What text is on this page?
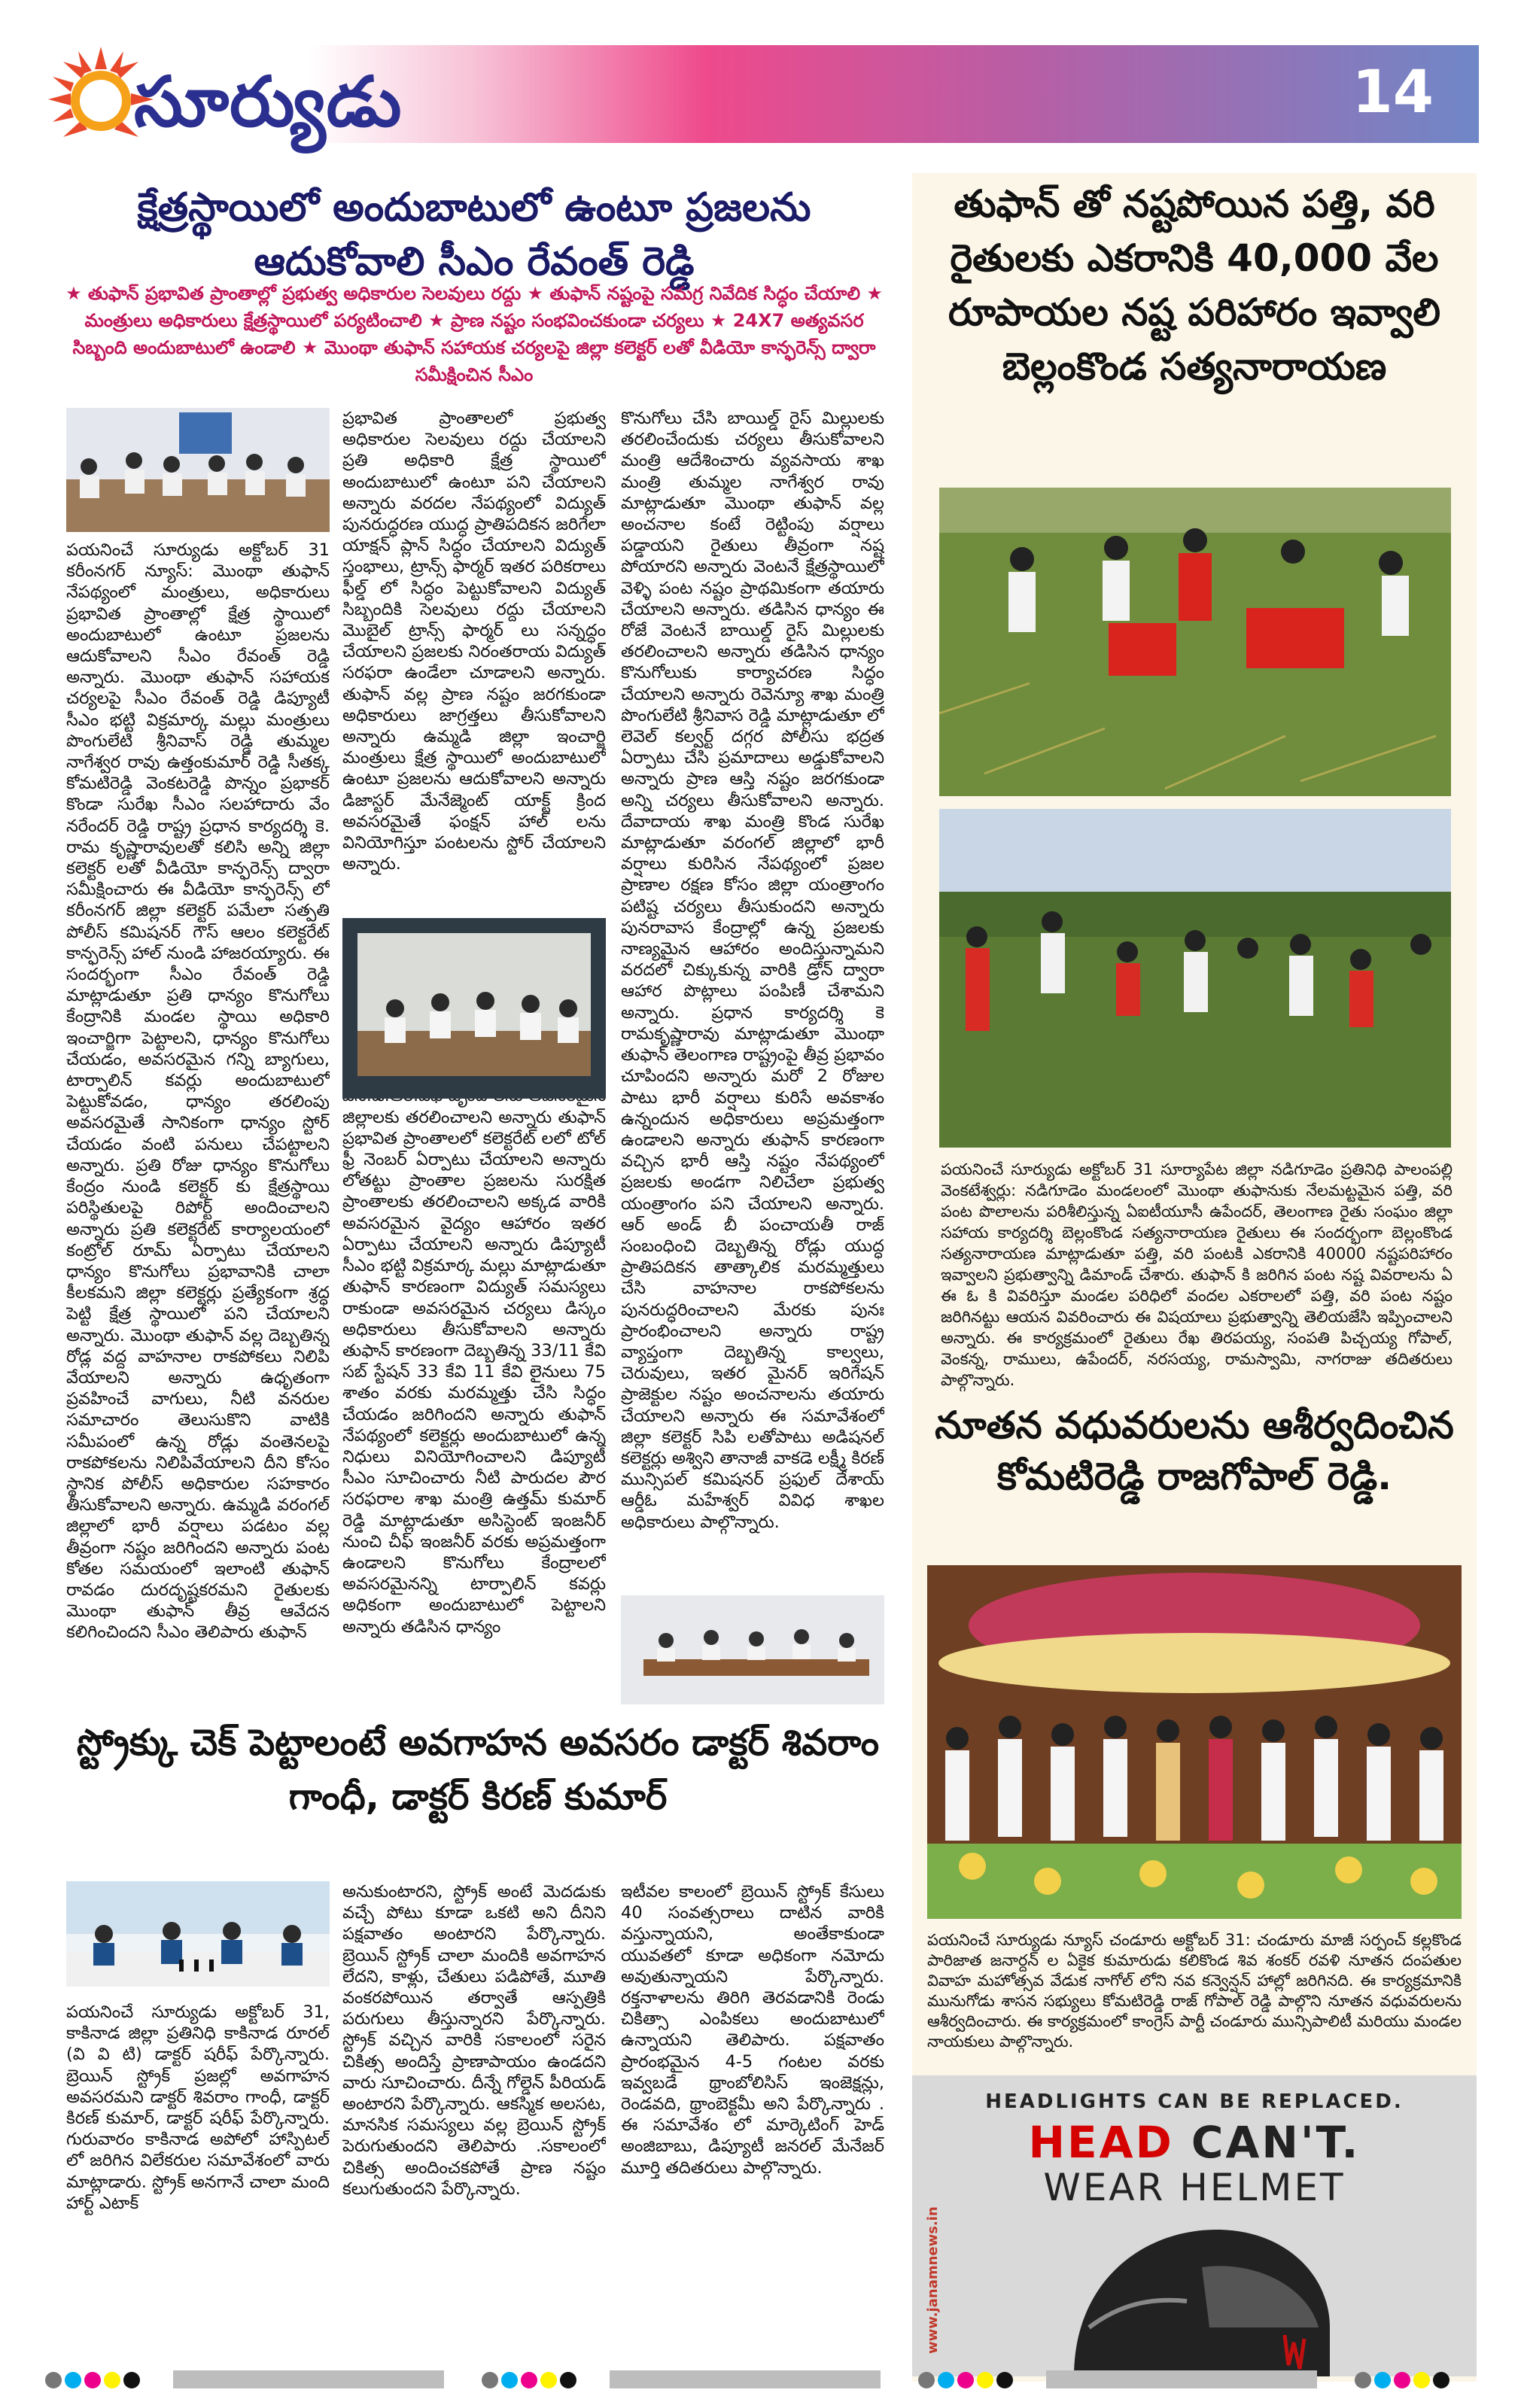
14
సూర్యుడు
క్షేత్రస్థాయిలో అందుబాటులో ఉంటూ ప్రజలను ఆదుకోవాలి సీఎం రేవంత్ రెడ్డి
★ తుఫాన్ ప్రభావిత ప్రాంతాల్లో ప్రభుత్వ అధికారుల సెలవులు రద్దు ★ తుఫాన్ నష్టంపై సమగ్ర నివేదిక సిద్ధం చేయాలి ★ మంత్రులు అధికారులు క్షేత్రస్థాయిలో పర్యటించాలి ★ ప్రాణ నష్టం సంభవించకుండా చర్యలు ★ 24X7 అత్యవసర సిబ్బంది అందుబాటులో ఉండాలి ★ మొంథా తుఫాన్ సహాయక చర్యలపై జిల్లా కలెక్టర్ లతో వీడియో కాన్ఫరెన్స్ ద్వారా సమీక్షించిన సీఎం
పయనించే సూర్యుడు అక్టోబర్ 31 కరీంనగర్ న్యూస్: మొంథా తుఫాన్ నేపథ్యంలో మంత్రులు, అధికారులు ప్రభావిత ప్రాంతాల్లో క్షేత్ర స్థాయిలో అందుబాటులో ఉంటూ ప్రజలను ఆదుకోవాలని సీఎం రేవంత్ రెడ్డి అన్నారు. మొంథా తుఫాన్ సహాయక చర్యలపై సీఎం రేవంత్ రెడ్డి డిప్యూటీ సీఎం భట్టి విక్రమార్క మల్లు మంత్రులు పొంగులేటి శ్రీనివాస్ రెడ్డి తుమ్మల నాగేశ్వర రావు ఉత్తంకుమార్ రెడ్డి సీతక్క కోమటిరెడ్డి వెంకటరెడ్డి పొన్నం ప్రభాకర్ కొండా సురేఖ సీఎం సలహాదారు వేం నరేందర్ రెడ్డి రాష్ట్ర ప్రధాన కార్యదర్శి కె. రామ కృష్ణారావులతో కలిసి అన్ని జిల్లా కలెక్టర్ లతో వీడియో కాన్ఫరెన్స్ ద్వారా సమీక్షించారు ఈ వీడియో కాన్ఫరెన్స్ లో కరీంనగర్ జిల్లా కలెక్టర్ పమేలా సత్పతి పోలీస్ కమిషనర్ గౌస్ ఆలం కలెక్టరేట్ కాన్ఫరెన్స్ హాల్ నుండి హాజరయ్యారు. ఈ సందర్భంగా సీఎం రేవంత్ రెడ్డి మాట్లాడుతూ ప్రతి ధాన్యం కొనుగోలు కేంద్రానికి మండల స్థాయి అధికారి ఇంచార్జిగా పెట్టాలని, ధాన్యం కొనుగోలు చేయడం, అవసరమైన గన్ని బ్యాగులు, టార్పాలిన్ కవర్లు అందుబాటులో పెట్టుకోవడం, ధాన్యం తరలింపు అవసరమైతే సానికంగా ధాన్యం స్టోర్ చేయడం వంటి పనులు చేపట్టాలని అన్నారు. ప్రతి రోజు ధాన్యం కొనుగోలు కేంద్రం నుండి కలెక్టర్ కు క్షేత్రస్థాయి పరిస్థితులపై రిపోర్ట్ అందించాలని అన్నారు ప్రతి కలెక్టరేట్ కార్యాలయంలో కంట్రోల్ రూమ్ ఏర్పాటు చేయాలని ధాన్యం కొనుగోలు ప్రభావానికి చాలా కీలకమని జిల్లా కలెక్టర్లు ప్రత్యేకంగా శ్రద్ధ పెట్టి క్షేత్ర స్థాయిలో పని చేయాలని అన్నారు. మొంథా తుఫాన్ వల్ల దెబ్బతిన్న రోడ్ల వద్ద వాహనాల రాకపోకలు నిలిపి వేయాలని అన్నారు ఉధృతంగా ప్రవహించే వాగులు, నీటి వనరుల సమాచారం తెలుసుకొని వాటికి సమీపంలో ఉన్న రోడ్లు వంతెనలపై రాకపోకలను నిలిపివేయాలని దీని కోసం స్థానిక పోలీస్ అధికారుల సహకారం తీసుకోవాలని అన్నారు. ఉమ్మడి వరంగల్ జిల్లాలో భారీ వర్షాలు పడటం వల్ల తీవ్రంగా నష్టం జరిగిందని అన్నారు పంట కోతల సమయంలో ఇలాంటి తుఫాన్ రావడం దురదృష్టకరమని రైతులకు మొంథా తుఫాన్ తీవ్ర ఆవేదన కలిగించిందని సీఎం తెలిపారు తుఫాన్
ప్రభావిత ప్రాంతాలలో ప్రభుత్వ అధికారుల సెలవులు రద్దు చేయాలని ప్రతి అధికారి క్షేత్ర స్థాయిలో అందుబాటులో ఉంటూ పని చేయాలని అన్నారు వరదల నేపథ్యంలో విద్యుత్ పునరుద్ధరణ యుద్ధ ప్రాతిపదికన జరిగేలా యాక్షన్ ప్లాన్ సిద్ధం చేయాలని విద్యుత్ స్తంభాలు, ట్రాన్స్ ఫార్మర్ ఇతర పరికరాలు ఫీల్డ్ లో సిద్ధం పెట్టుకోవాలని విద్యుత్ సిబ్బందికి సెలవులు రద్దు చేయాలని మొబైల్ ట్రాన్స్ ఫార్మర్ లు సన్నద్ధం చేయాలని ప్రజలకు నిరంతరాయ విద్యుత్ సరఫరా ఉండేలా చూడాలని అన్నారు. తుఫాన్ వల్ల ప్రాణ నష్టం జరగకుండా అధికారులు జాగ్రత్తలు తీసుకోవాలని అన్నారు ఉమ్మడి జిల్లా ఇంచార్జి మంత్రులు క్షేత్ర స్థాయిలో అందుబాటులో ఉంటూ ప్రజలను ఆదుకోవాలని అన్నారు డిజాస్టర్ మేనేజ్మెంట్ యాక్ట్ క్రింద అవసరమైతే ఫంక్షన్ హాల్ లను వినియోగిస్తూ పంటలను స్టోర్ చేయాలని అన్నారు.
జిల్లాలకు తరలించాలని అన్నారు తుఫాన్ ప్రభావిత ప్రాంతాలలో కలెక్టరేట్ లలో టోల్ ఫ్రీ నెంబర్ ఏర్పాటు చేయాలని అన్నారు లోతట్టు ప్రాంతాల ప్రజలను సురక్షిత ప్రాంతాలకు తరలించాలని అక్కడ వారికి అవసరమైన వైద్యం ఆహారం ఇతర ఏర్పాటు చేయాలని అన్నారు డిప్యూటీ సీఎం భట్టి విక్రమార్క మల్లు మాట్లాడుతూ తుఫాన్ కారణంగా విద్యుత్ సమస్యలు రాకుండా అవసరమైన చర్యలు డిస్కం అధికారులు తీసుకోవాలని అన్నారు తుఫాన్ కారణంగా దెబ్బతిన్న 33/11 కేవి సబ్ స్టేషన్ 33 కేవి 11 కేవి లైనులు 75 శాతం వరకు మరమ్మత్తు చేసి సిద్ధం చేయడం జరిగిందని అన్నారు తుఫాన్ నేపథ్యంలో కలెక్టర్లు అందుబాటులో ఉన్న నిధులు వినియోగించాలని డిప్యూటీ సీఎం సూచించారు నీటి పారుదల పౌర సరఫరాల శాఖ మంత్రి ఉత్తమ్ కుమార్ రెడ్డి మాట్లాడుతూ అసిస్టెంట్ ఇంజనీర్ నుంచి చీఫ్ ఇంజనీర్ వరకు అప్రమత్తంగా ఉండాలని కొనుగోలు కేంద్రాలలో అవసరమైనన్ని టార్పాలిన్ కవర్లు అధికంగా అందుబాటులో పెట్టాలని అన్నారు తడిసిన ధాన్యం
కొనుగోలు చేసి బాయిల్డ్ రైస్ మిల్లులకు తరలించేందుకు చర్యలు తీసుకోవాలని మంత్రి ఆదేశించారు వ్యవసాయ శాఖ మంత్రి తుమ్మల నాగేశ్వర రావు మాట్లాడుతూ మొంథా తుఫాన్ వల్ల అంచనాల కంటే రెట్టింపు వర్షాలు పడ్డాయని రైతులు తీవ్రంగా నష్ట పోయారని అన్నారు వెంటనే క్షేత్రస్థాయిలో వెళ్ళి పంట నష్టం ప్రాథమికంగా తయారు చేయాలని అన్నారు. తడిసిన ధాన్యం ఈ రోజే వెంటనే బాయిల్డ్ రైస్ మిల్లులకు తరలించాలని అన్నారు తడిసిన ధాన్యం కొనుగోలుకు కార్యాచరణ సిద్ధం చేయాలని అన్నారు రెవెన్యూ శాఖ మంత్రి పొంగులేటి శ్రీనివాస రెడ్డి మాట్లాడుతూ లో లెవెల్ కల్వర్ట్ దగ్గర పోలీసు భద్రత ఏర్పాటు చేసి ప్రమాదాలు అడ్డుకోవాలని అన్నారు ప్రాణ ఆస్తి నష్టం జరగకుండా అన్ని చర్యలు తీసుకోవాలని అన్నారు. దేవాదాయ శాఖ మంత్రి కొండ సురేఖ మాట్లాడుతూ వరంగల్ జిల్లాలో భారీ వర్షాలు కురిసిన నేపథ్యంలో ప్రజల ప్రాణాల రక్షణ కోసం జిల్లా యంత్రాంగం పటిష్ట చర్యలు తీసుకుందని అన్నారు పునరావాస కేంద్రాల్లో ఉన్న ప్రజలకు నాణ్యమైన ఆహారం అందిస్తున్నామని వరదలో చిక్కుకున్న వారికి డ్రోన్ ద్వారా ఆహార పొట్లాలు పంపిణీ చేశామని అన్నారు. ప్రధాన కార్యదర్శి కె రామకృష్ణారావు మాట్లాడుతూ మొంథా తుఫాన్ తెలంగాణ రాష్ట్రంపై తీవ్ర ప్రభావం చూపిందని అన్నారు మరో 2 రోజుల పాటు భారీ వర్షాలు కురిసే అవకాశం ఉన్నందున అధికారులు అప్రమత్తంగా ఉండాలని అన్నారు తుఫాన్ కారణంగా వచ్చిన భారీ ఆస్తి నష్టం నేపథ్యంలో ప్రజలకు అండగా నిలిచేలా ప్రభుత్వ యంత్రాంగం పని చేయాలని అన్నారు. ఆర్ అండ్ బీ పంచాయతీ రాజ్ సంబంధించి దెబ్బతిన్న రోడ్లు యుద్ధ ప్రాతిపదికన తాత్కాలిక మరమ్మత్తులు చేసి వాహనాల రాకపోకలను పునరుద్ధరించాలని మేరకు పునః ప్రారంభించాలని అన్నారు రాష్ట్ర వ్యాప్తంగా దెబ్బతిన్న కాల్వలు, చెరువులు, ఇతర మైనర్ ఇరిగేషన్ ప్రాజెక్టుల నష్టం అంచనాలను తయారు చేయాలని అన్నారు ఈ సమావేశంలో జిల్లా కలెక్టర్ సిపి లతోపాటు అడిషనల్ కలెక్టర్లు అశ్విని తానాజీ వాకడె లక్ష్మీ కిరణ్ మున్సిపల్ కమిషనర్ ప్రఫుల్ దేశాయ్ ఆర్డీఓ మహేశ్వర్ వివిధ శాఖల అధికారులు పాల్గొన్నారు.
స్ట్రోక్కు చెక్ పెట్టాలంటే అవగాహన అవసరం డాక్టర్ శివరాం గాంధీ, డాక్టర్ కిరణ్ కుమార్
పయనించే సూర్యుడు అక్టోబర్ 31, కాకినాడ జిల్లా ప్రతినిధి కాకినాడ రూరల్ (వి వి టి) డాక్టర్ షరీఫ్ పేర్కొన్నారు. బ్రెయిన్ స్ట్రోక్ ప్రజల్లో అవగాహన అవసరమని డాక్టర్ శివరాం గాంధీ, డాక్టర్ కిరణ్ కుమార్, డాక్టర్ షరీఫ్ పేర్కొన్నారు. గురువారం కాకినాడ అపోలో హాస్పిటల్ లో జరిగిన విలేకరుల సమావేశంలో వారు మాట్లాడారు. స్ట్రోక్ అనగానే చాలా మంది హార్ట్ ఎటాక్
అనుకుంటారని, స్ట్రోక్ అంటే మెదడుకు వచ్చే పోటు కూడా ఒకటి అని దీనిని పక్షవాతం అంటారని పేర్కొన్నారు. బ్రెయిన్ స్ట్రోక్ చాలా మందికి అవగాహన లేదని, కాళ్లు, చేతులు పడిపోతే, మూతి వంకరపోయిన తర్వాతే ఆస్పత్రికి పరుగులు తీస్తున్నారని పేర్కొన్నారు. స్ట్రోక్ వచ్చిన వారికి సకాలంలో సరైన చికిత్స అందిస్తే ప్రాణాపాయం ఉండదని వారు సూచించారు. దీన్నే గోల్డెన్ పీరియడ్ అంటారని పేర్కొన్నారు. ఆకస్మిక అలసట, మానసిక సమస్యలు వల్ల బ్రెయిన్ స్ట్రోక్ పెరుగుతుందని తెలిపారు .సకాలంలో చికిత్స అందించకపోతే ప్రాణ నష్టం కలుగుతుందని పేర్కొన్నారు.
ఇటీవల కాలంలో బ్రెయిన్ స్ట్రోక్ కేసులు 40 సంవత్సరాలు దాటిన వారికి వస్తున్నాయని, అంతేకాకుండా యువతలో కూడా అధికంగా నమోదు అవుతున్నాయని పేర్కొన్నారు. రక్తనాళాలను తిరిగి తెరవడానికి రెండు చికిత్సా ఎంపికలు అందుబాటులో ఉన్నాయని తెలిపారు. పక్షవాతం ప్రారంభమైన 4-5 గంటల వరకు ఇవ్వబడే థ్రాంబోలిసిస్ ఇంజెక్షన్లు, రెండవది, థ్రాంబెక్టమీ అని పేర్కొన్నారు . ఈ సమావేశం లో మార్కెటింగ్ హెడ్ అంజిబాబు, డిప్యూటీ జనరల్ మేనేజర్ మూర్తి తదితరులు పాల్గొన్నారు.
తుఫాన్ తో నష్టపోయిన పత్తి, వరి రైతులకు ఎకరానికి 40,000 వేల రూపాయల నష్ట పరిహారం ఇవ్వాలి బెల్లంకొండ సత్యనారాయణ
పయనించే సూర్యుడు అక్టోబర్ 31 సూర్యాపేట జిల్లా నడిగూడెం ప్రతినిధి పాలంపల్లి వెంకటేశ్వర్లు: నడిగూడెం మండలంలో మొంథా తుఫానుకు నేలమట్టమైన పత్తి, వరి పంట పొలాలను పరిశీలిస్తున్న ఏఐటీయూసీ ఉపేందర్, తెలంగాణ రైతు సంఘం జిల్లా సహాయ కార్యదర్శి బెల్లంకొండ సత్యనారాయణ రైతులు ఈ సందర్భంగా బెల్లంకొండ సత్యనారాయణ మాట్లాడుతూ పత్తి, వరి పంటకి ఎకరానికి 40000 నష్టపరిహారం ఇవ్వాలని ప్రభుత్వాన్ని డిమాండ్ చేశారు. తుఫాన్ కి జరిగిన పంట నష్ట వివరాలను ఏ ఈ ఓ కి వివరిస్తూ మండల పరిధిలో వందల ఎకరాలలో పత్తి, వరి పంట నష్టం జరిగినట్టు ఆయన వివరించారు ఈ విషయాలు ప్రభుత్వాన్ని తెలియజేసి ఇప్పించాలని అన్నారు. ఈ కార్యక్రమంలో రైతులు రేఖ తిరపయ్య, సంపతి పిచ్చయ్య గోపాల్, వెంకన్న, రాములు, ఉపేందర్, నరసయ్య, రామస్వామి, నాగరాజు తదితరులు పాల్గొన్నారు.
నూతన వధువరులను ఆశీర్వదించిన కోమటిరెడ్డి రాజగోపాల్ రెడ్డి.
పయనించే సూర్యుడు న్యూస్ చండూరు అక్టోబర్ 31: చండూరు మాజీ సర్పంచ్ కల్లకొండ పారిజాత జనార్దన్ ల ఏకైక కుమారుడు కలికొండ శివ శంకర్ రవళి నూతన దంపతుల వివాహ మహోత్సవ వేడుక నాగోల్ లోని నవ కన్వెన్షన్ హాల్లో జరిగినది. ఈ కార్యక్రమానికి మునుగోడు శాసన సభ్యులు కోమటిరెడ్డి రాజ్ గోపాల్ రెడ్డి పాల్గొని నూతన వధువరులను ఆశీర్వదించారు. ఈ కార్యక్రమంలో కాంగ్రెస్ పార్టీ చండూరు మున్సిపాలిటీ మరియు మండల నాయకులు పాల్గొన్నారు.
www.janamnews.in
HEADLIGHTS CAN BE REPLACED.
HEAD CAN'T.
WEAR HELMET
